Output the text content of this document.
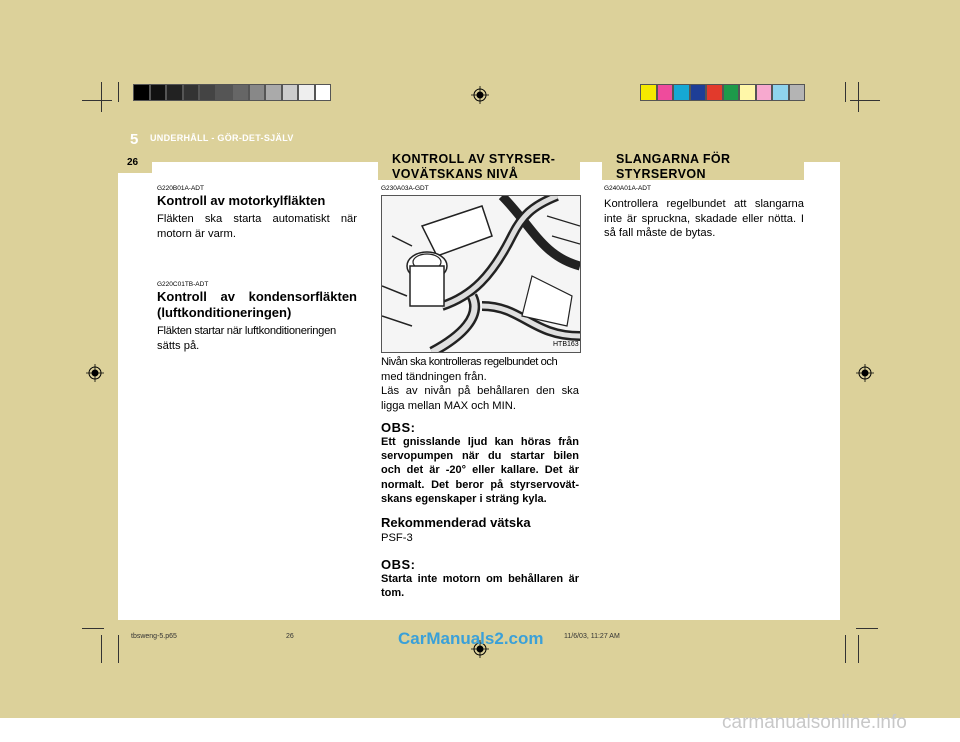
5 UNDERHÅLL - GÖR-DET-SJÄLV
26	KONTROLL AV STYRSER-
VOVÄTSKANS NIVÅ
SLANGARNA FÖR
STYRSERVON
G220B01A-ADT
Kontroll av motorkylfläkten
Fläkten ska starta automatiskt när
motorn är varm.
G220C01TB-ADT
Kontroll av kondensorfläkten
(luftkonditioneringen)
Fläkten startar när luftkonditioneringen
sätts på.
G230A03A-GDT
HTB163
Nivån ska kontrolleras regelbundet och
med tändningen från.
Läs av nivån på behållaren den ska
ligga mellan MAX och MIN.
OBS:
Ett gnisslande ljud kan höras från
servopumpen när du startar bilen
och det är -20° eller kallare. Det är
normalt. Det beror på styrservovät-
skans egenskaper i sträng kyla.
Rekommenderad vätska
PSF-3
OBS:
Starta inte motorn om behållaren är
tom.
G240A01A-ADT
Kontrollera regelbundet att slangarna
inte är spruckna, skadade eller nötta. I
så fall måste de bytas.
tbsweng-5.p65	26	11/6/03, 11:27 AM
CarManuals2.com
carmanualsonline.info
